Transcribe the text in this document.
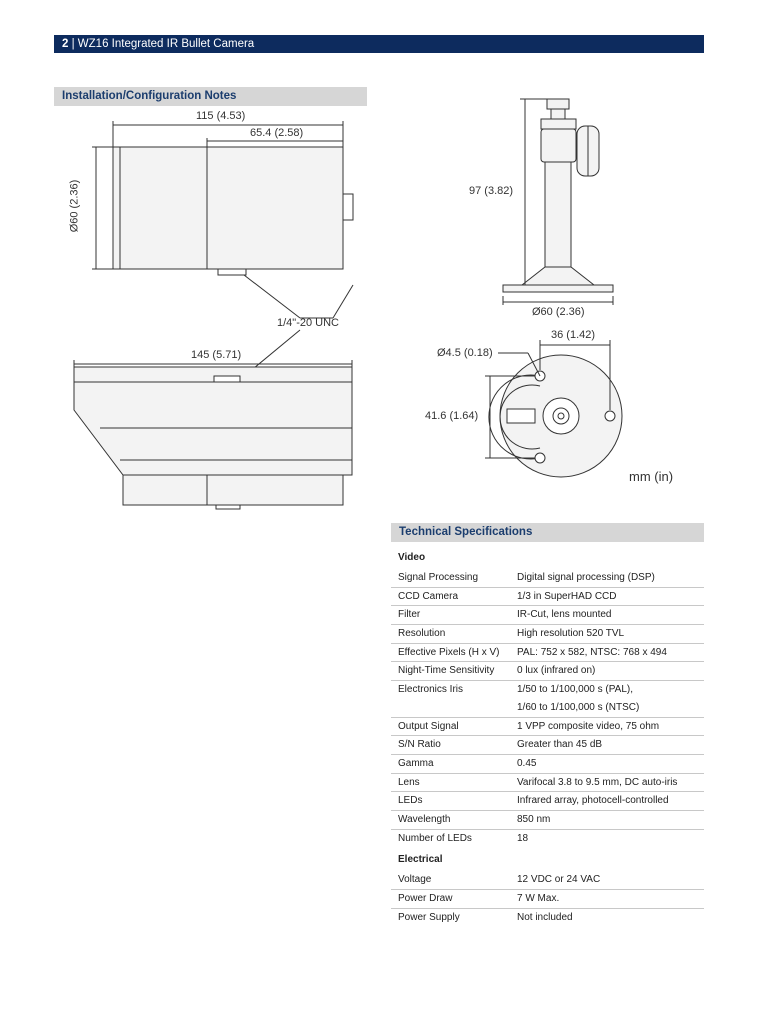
2 | WZ16 Integrated IR Bullet Camera
Installation/Configuration Notes
115 (4.53)
65.4 (2.58)
Ø60 (2.36)
1/4"-20 UNC
145 (5.71)
97 (3.82)
Ø60 (2.36)
Ø4.5 (0.18)
36 (1.42)
41.6 (1.64)
mm (in)
Technical Specifications
Video
Signal Processing	Digital signal processing (DSP)
CCD Camera	1/3 in SuperHAD CCD
Filter	IR-Cut, lens mounted
Resolution	High resolution 520 TVL
Effective Pixels (H x V)	PAL: 752 x 582, NTSC: 768 x 494
Night-Time Sensitivity	0 lux (infrared on)
Electronics Iris	1/50 to 1/100,000 s (PAL),
1/60 to 1/100,000 s (NTSC)
Output Signal	1 VPP composite video, 75 ohm
S/N Ratio	Greater than 45 dB
Gamma	0.45
Lens	Varifocal 3.8 to 9.5 mm, DC auto-iris
LEDs	Infrared array, photocell-controlled
Wavelength	850 nm
Number of LEDs	18
Electrical
Voltage	12 VDC or 24 VAC
Power Draw	7 W Max.
Power Supply	Not included
